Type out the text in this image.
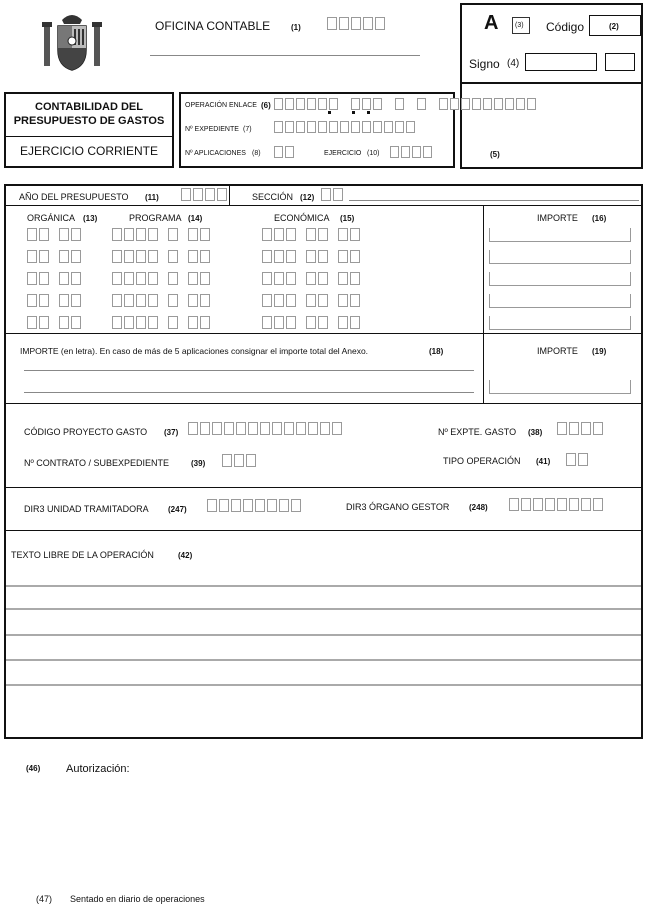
OFICINA CONTABLE	(1)	A (3) Código	(2)
Signo (4)
(5)
CONTABILIDAD DEL
PRESUPUESTO DE GASTOS
EJERCICIO CORRIENTE
OPERACIÓN ENLACE (6)
Nº EXPEDIENTE (7)
Nº APLICACIONES (8)	EJERCICIO (10)
AÑO DEL PRESUPUESTO (11)	SECCIÓN (12)
ORGÁNICA (13)	PROGRAMA (14)	ECONÓMICA (15)	IMPORTE (16)
IMPORTE (en letra). En caso de más de 5 aplicaciones consignar el importe total del Anexo.	(18)	IMPORTE (19)
CÓDIGO PROYECTO GASTO (37)	Nº EXPTE. GASTO (38)
Nº CONTRATO / SUBEXPEDIENTE	(39)	TIPO OPERACIÓN (41)
DIR3 UNIDAD TRAMITADORA (247)	DIR3 ÓRGANO GESTOR (248)
TEXTO LIBRE DE LA OPERACIÓN	(42)
(46) Autorización:
(47) Sentado en diario de operaciones
